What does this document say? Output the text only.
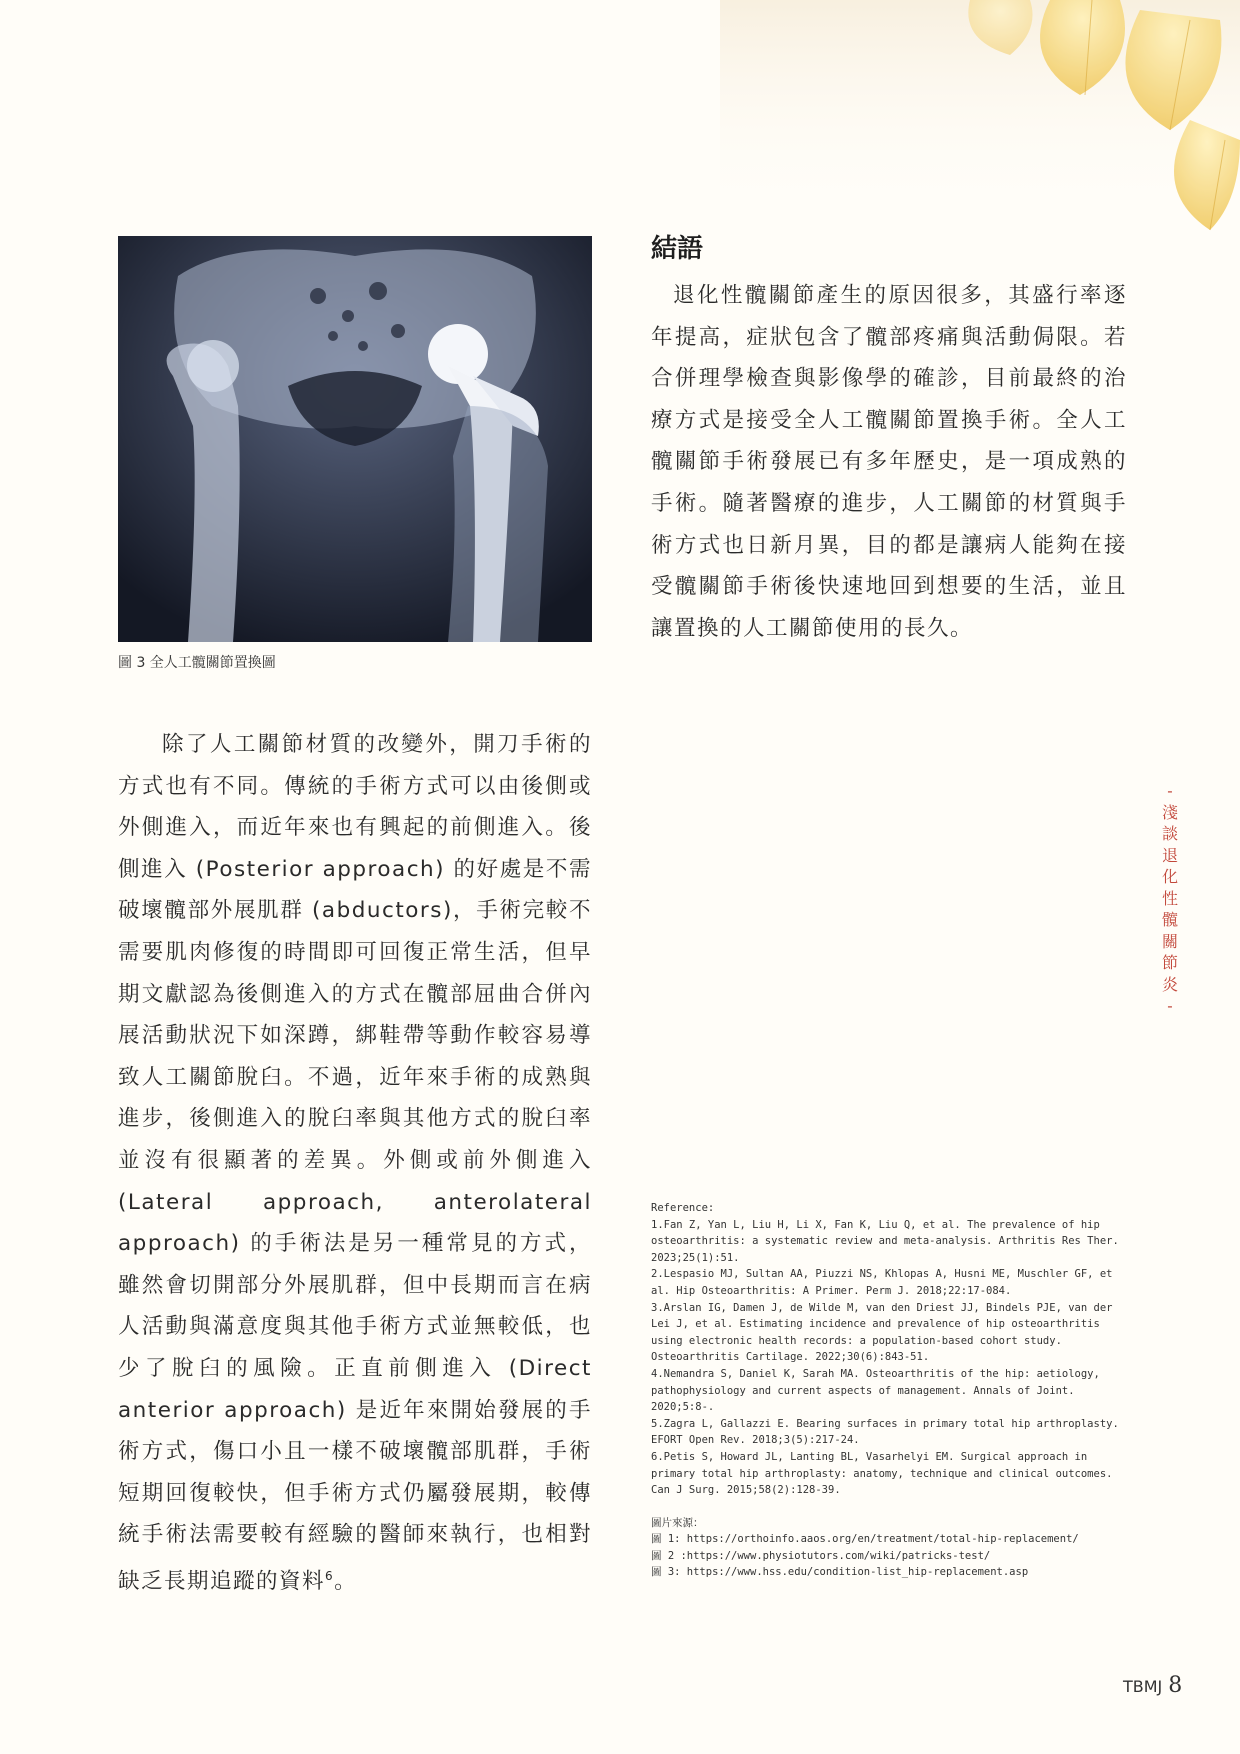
圖 3 全人工髖關節置換圖

除了人工關節材質的改變外，開刀手術的方式也有不同。傳統的手術方式可以由後側或外側進入，而近年來也有興起的前側進入。後側進入 (Posterior approach) 的好處是不需破壞髖部外展肌群 (abductors)，手術完較不需要肌肉修復的時間即可回復正常生活，但早期文獻認為後側進入的方式在髖部屈曲合併內展活動狀況下如深蹲，綁鞋帶等動作較容易導致人工關節脫臼。不過，近年來手術的成熟與進步，後側進入的脫臼率與其他方式的脫臼率並沒有很顯著的差異。外側或前外側進入 (Lateral approach, anterolateral approach) 的手術法是另一種常見的方式，雖然會切開部分外展肌群，但中長期而言在病人活動與滿意度與其他手術方式並無較低，也少了脫臼的風險。正直前側進入 (Direct anterior approach) 是近年來開始發展的手術方式，傷口小且一樣不破壞髖部肌群，手術短期回復較快，但手術方式仍屬發展期，較傳統手術法需要較有經驗的醫師來執行，也相對缺乏長期追蹤的資料$^6$。

結語

退化性髖關節產生的原因很多，其盛行率逐年提高，症狀包含了髖部疼痛與活動侷限。若合併理學檢查與影像學的確診，目前最終的治療方式是接受全人工髖關節置換手術。全人工髖關節手術發展已有多年歷史，是一項成熟的手術。隨著醫療的進步，人工關節的材質與手術方式也日新月異，目的都是讓病人能夠在接受髖關節手術後快速地回到想要的生活，並且讓置換的人工關節使用的長久。

- 淺 談 退 化 性 髖 關 節 炎 -

Reference:

1.Fan Z, Yan L, Liu H, Li X, Fan K, Liu Q, et al. The prevalence of hip osteoarthritis: a systematic review and meta-analysis. Arthritis Res Ther. 2023;25(1):51.

2.Lespasio MJ, Sultan AA, Piuzzi NS, Khlopas A, Husni ME, Muschler GF, et al. Hip Osteoarthritis: A Primer. Perm J. 2018;22:17-084.

3.Arslan IG, Damen J, de Wilde M, van den Driest JJ, Bindels PJE, van der Lei J, et al. Estimating incidence and prevalence of hip osteoarthritis using electronic health records: a population-based cohort study. Osteoarthritis Cartilage. 2022;30(6):843-51.

4.Nemandra S, Daniel K, Sarah MA. Osteoarthritis of the hip: aetiology, pathophysiology and current aspects of management. Annals of Joint. 2020;5:8-.

5.Zagra L, Gallazzi E. Bearing surfaces in primary total hip arthroplasty. EFORT Open Rev. 2018;3(5):217-24.

6.Petis S, Howard JL, Lanting BL, Vasarhelyi EM. Surgical approach in primary total hip arthroplasty: anatomy, technique and clinical outcomes. Can J Surg. 2015;58(2):128-39.

圖片來源：

圖 1: https://orthoinfo.aaos.org/en/treatment/total-hip-replacement/

圖 2 :https://www.physiotutors.com/wiki/patricks-test/

圖 3: https://www.hss.edu/condition-list_hip-replacement.asp

TBMJ 8
